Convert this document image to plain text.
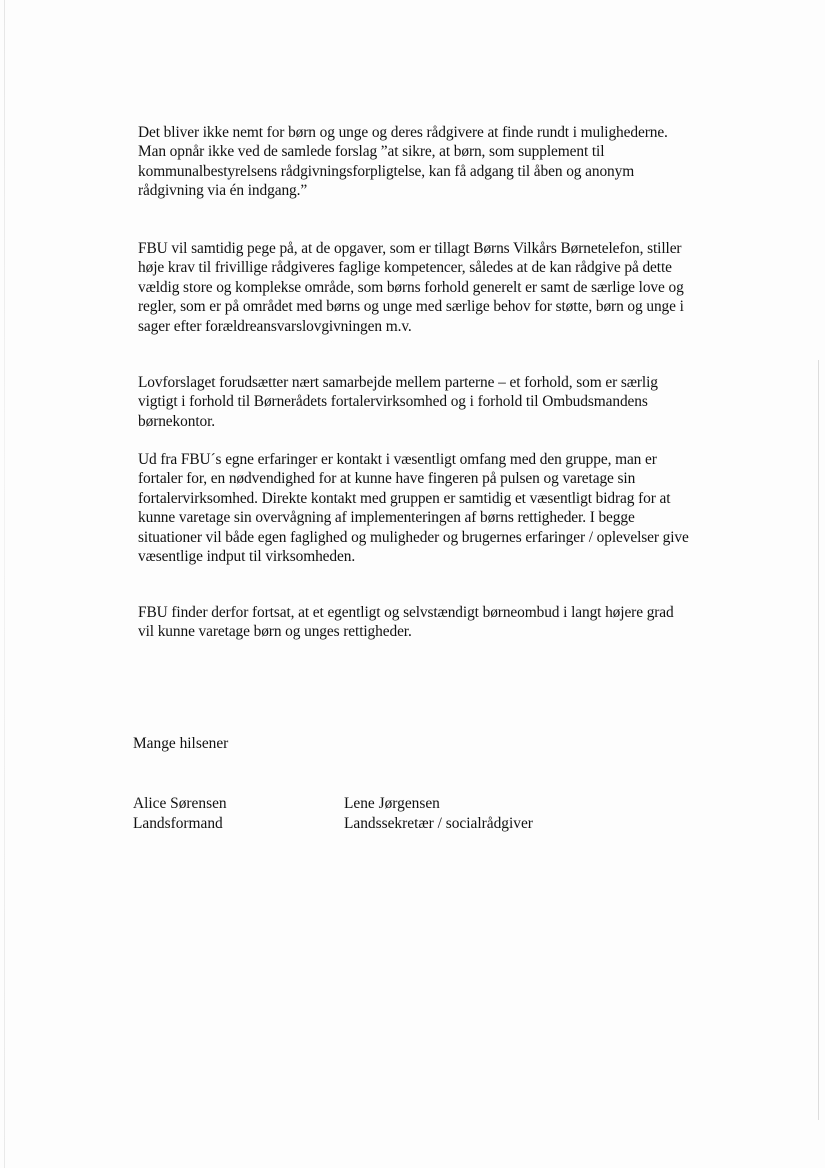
Det bliver ikke nemt for børn og unge og deres rådgivere at finde rundt i mulighederne.
Man opnår ikke ved de samlede forslag ”at sikre, at børn, som supplement til
kommunalbestyrelsens rådgivningsforpligtelse, kan få adgang til åben og anonym
rådgivning via én indgang.”

FBU vil samtidig pege på, at de opgaver, som er tillagt Børns Vilkårs Børnetelefon, stiller
høje krav til frivillige rådgiveres faglige kompetencer, således at de kan rådgive på dette
vældig store og komplekse område, som børns forhold generelt er samt de særlige love og
regler, som er på området med børns og unge med særlige behov for støtte, børn og unge i
sager efter forældreansvarslovgivningen m.v.

Lovforslaget forudsætter nært samarbejde mellem parterne – et forhold, som er særlig
vigtigt i forhold til Børnerådets fortalervirksomhed og i forhold til Ombudsmandens
børnekontor.

Ud fra FBU´s egne erfaringer er kontakt i væsentligt omfang med den gruppe, man er
fortaler for, en nødvendighed for at kunne have fingeren på pulsen og varetage sin
fortalervirksomhed. Direkte kontakt med gruppen er samtidig et væsentligt bidrag for at
kunne varetage sin overvågning af implementeringen af børns rettigheder. I begge
situationer vil både egen faglighed og muligheder og brugernes erfaringer / oplevelser give
væsentlige indput til virksomheden.

FBU finder derfor fortsat, at et egentligt og selvstændigt børneombud i langt højere grad
vil kunne varetage børn og unges rettigheder.

Mange hilsener

Alice Sørensen
Landsformand
Lene Jørgensen
Landssekretær / socialrådgiver
